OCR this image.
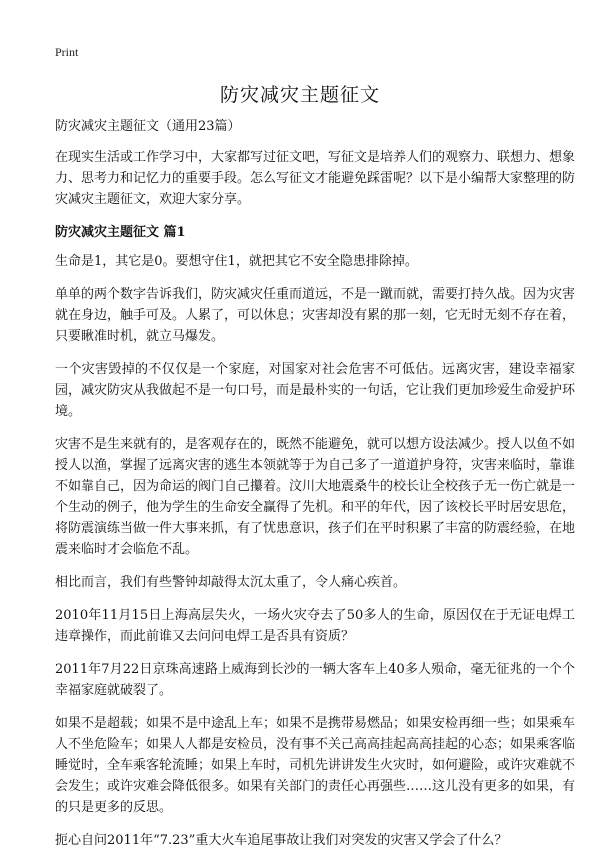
Print
防灾减灾主题征文

防灾减灾主题征文（通用23篇）

在现实生活或工作学习中，大家都写过征文吧，写征文是培养人们的观察力、联想力、想象力、思考力和记忆力的重要手段。怎么写征文才能避免踩雷呢？以下是小编帮大家整理的防灾减灾主题征文，欢迎大家分享。

防灾减灾主题征文 篇1

生命是1，其它是0。要想守住1，就把其它不安全隐患排除掉。

单单的两个数字告诉我们，防灾减灾任重而道远，不是一蹴而就，需要打持久战。因为灾害就在身边，触手可及。人累了，可以休息；灾害却没有累的那一刻，它无时无刻不存在着，只要瞅准时机，就立马爆发。

一个灾害毁掉的不仅仅是一个家庭，对国家对社会危害不可低估。远离灾害，建设幸福家园，减灾防灾从我做起不是一句口号，而是最朴实的一句话，它让我们更加珍爱生命爱护环境。

灾害不是生来就有的，是客观存在的，既然不能避免，就可以想方设法减少。授人以鱼不如授人以渔，掌握了远离灾害的逃生本领就等于为自己多了一道道护身符，灾害来临时，靠谁不如靠自己，因为命运的阀门自己攥着。汶川大地震桑牛的校长让全校孩子无一伤亡就是一个生动的例子，他为学生的生命安全赢得了先机。和平的年代，因了该校长平时居安思危，将防震演练当做一件大事来抓，有了忧患意识，孩子们在平时积累了丰富的防震经验，在地震来临时才会临危不乱。

相比而言，我们有些警钟却敲得太沉太重了，令人痛心疾首。

2010年11月15日上海高层失火，一场火灾夺去了50多人的生命，原因仅在于无证电焊工违章操作，而此前谁又去问问电焊工是否具有资质？

2011年7月22日京珠高速路上威海到长沙的一辆大客车上40多人殒命，毫无征兆的一个个幸福家庭就破裂了。

如果不是超载；如果不是中途乱上车；如果不是携带易燃品；如果安检再细一些；如果乘车人不坐危险车；如果人人都是安检员，没有事不关己高高挂起高高挂起的心态；如果乘客临睡觉时，全车乘客轮流睡；如果上车时，司机先讲讲发生火灾时，如何避险，或许灾难就不会发生；或许灾难会降低很多。如果有关部门的责任心再强些……这儿没有更多的如果，有的只是更多的反思。

扼心自问2011年“7.23”重大火车追尾事故让我们对突发的灾害又学会了什么？
